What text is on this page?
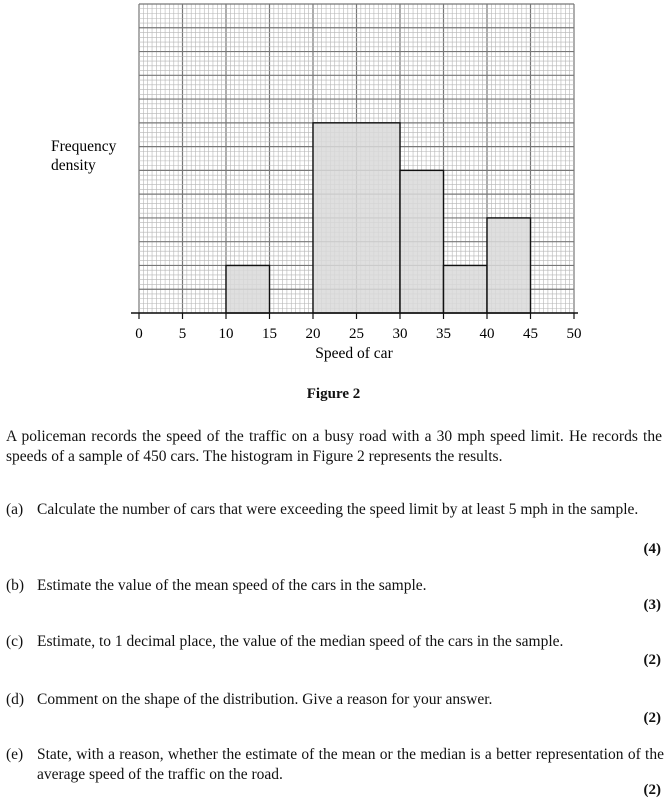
0 5 10 15 20 25 30 35 40 45 50
Frequency density
Speed of car
Figure 2
A policeman records the speed of the traffic on a busy road with a 30 mph speed limit. He records the speeds of a sample of 450 cars. The histogram in Figure 2 represents the results.
(a) Calculate the number of cars that were exceeding the speed limit by at least 5 mph in the sample.
(4)
(b) Estimate the value of the mean speed of the cars in the sample.
(3)
(c) Estimate, to 1 decimal place, the value of the median speed of the cars in the sample.
(2)
(d) Comment on the shape of the distribution. Give a reason for your answer.
(2)
(e) State, with a reason, whether the estimate of the mean or the median is a better representation of the average speed of the traffic on the road.
(2)
